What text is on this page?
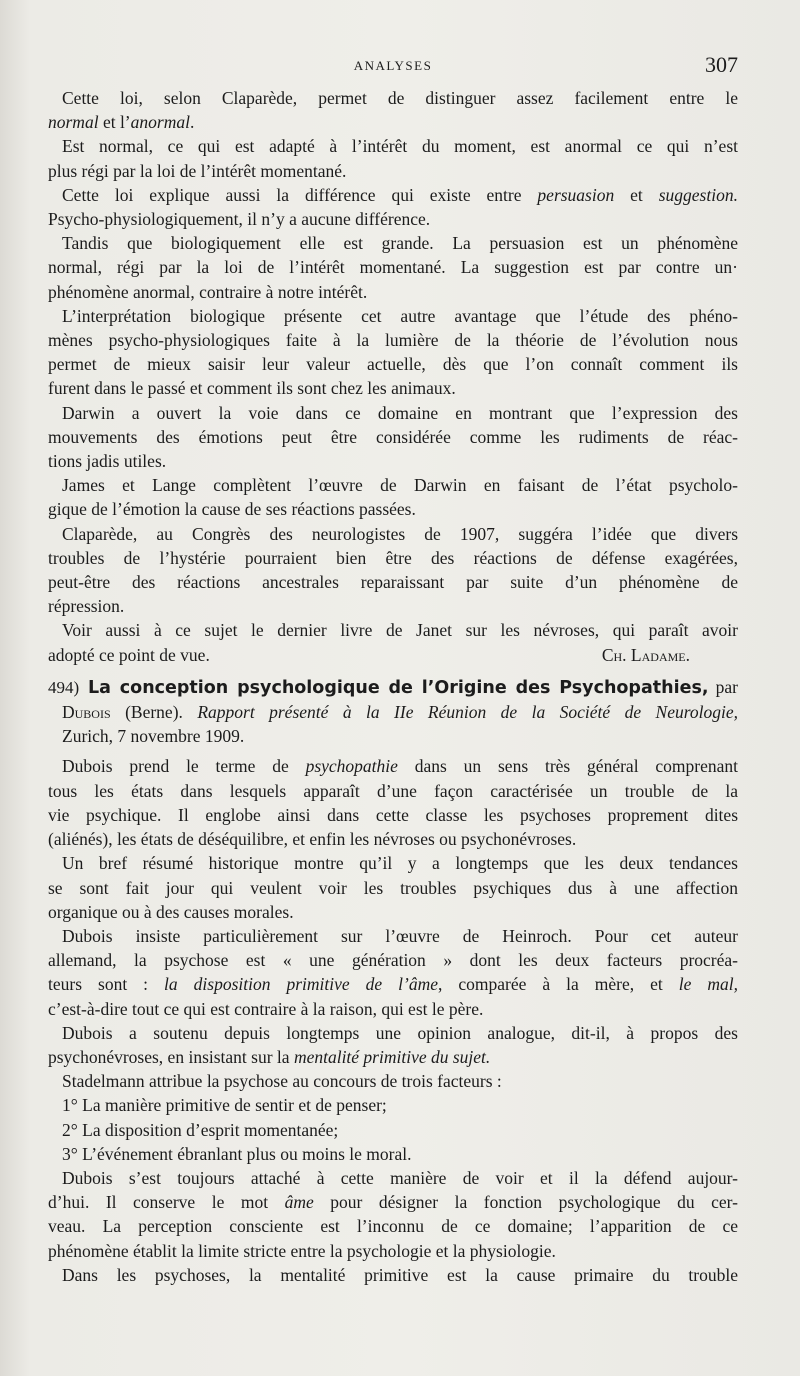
ANALYSES	307
Cette loi, selon Claparède, permet de distinguer assez facilement entre le
normal et l’anormal.
Est normal, ce qui est adapté à l’intérêt du moment, est anormal ce qui n’est
plus régi par la loi de l’intérêt momentané.
Cette loi explique aussi la différence qui existe entre persuasion et suggestion.
Psycho-physiologiquement, il n’y a aucune différence.
Tandis que biologiquement elle est grande. La persuasion est un phénomène
normal, régi par la loi de l’intérêt momentané. La suggestion est par contre un·
phénomène anormal, contraire à notre intérêt.
L’interprétation biologique présente cet autre avantage que l’étude des phéno-
mènes psycho-physiologiques faite à la lumière de la théorie de l’évolution nous
permet de mieux saisir leur valeur actuelle, dès que l’on connaît comment ils
furent dans le passé et comment ils sont chez les animaux.
Darwin a ouvert la voie dans ce domaine en montrant que l’expression des
mouvements des émotions peut être considérée comme les rudiments de réac-
tions jadis utiles.
James et Lange complètent l’œuvre de Darwin en faisant de l’état psycholo-
gique de l’émotion la cause de ses réactions passées.
Claparède, au Congrès des neurologistes de 1907, suggéra l’idée que divers
troubles de l’hystérie pourraient bien être des réactions de défense exagérées,
peut-être des réactions ancestrales reparaissant par suite d’un phénomène de
répression.
Voir aussi à ce sujet le dernier livre de Janet sur les névroses, qui paraît avoir
adopté ce point de vue.	Ch. Ladame.
494) La conception psychologique de l’Origine des Psychopathies, par
Dubois (Berne). Rapport présenté à la IIe Réunion de la Société de Neurologie,
Zurich, 7 novembre 1909.
Dubois prend le terme de psychopathie dans un sens très général comprenant
tous les états dans lesquels apparaît d’une façon caractérisée un trouble de la
vie psychique. Il englobe ainsi dans cette classe les psychoses proprement dites
(aliénés), les états de déséquilibre, et enfin les névroses ou psychonévroses.
Un bref résumé historique montre qu’il y a longtemps que les deux tendances
se sont fait jour qui veulent voir les troubles psychiques dus à une affection
organique ou à des causes morales.
Dubois insiste particulièrement sur l’œuvre de Heinroch. Pour cet auteur
allemand, la psychose est « une génération » dont les deux facteurs procréa-
teurs sont : la disposition primitive de l’âme, comparée à la mère, et le mal,
c’est-à-dire tout ce qui est contraire à la raison, qui est le père.
Dubois a soutenu depuis longtemps une opinion analogue, dit-il, à propos des
psychonévroses, en insistant sur la mentalité primitive du sujet.
Stadelmann attribue la psychose au concours de trois facteurs :
1° La manière primitive de sentir et de penser;
2° La disposition d’esprit momentanée;
3° L’événement ébranlant plus ou moins le moral.
Dubois s’est toujours attaché à cette manière de voir et il la défend aujour-
d’hui. Il conserve le mot âme pour désigner la fonction psychologique du cer-
veau. La perception consciente est l’inconnu de ce domaine; l’apparition de ce
phénomène établit la limite stricte entre la psychologie et la physiologie.
Dans les psychoses, la mentalité primitive est la cause primaire du trouble
